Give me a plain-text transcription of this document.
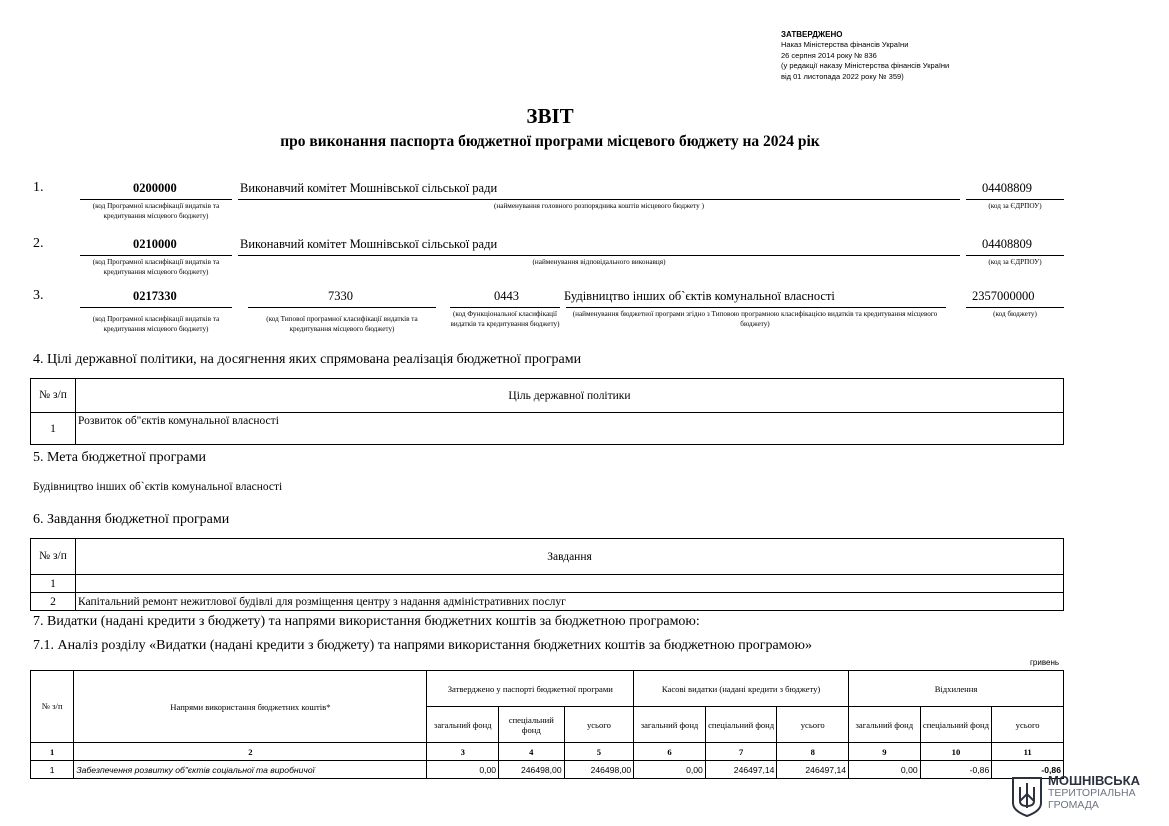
ЗАТВЕРДЖЕНО
Наказ Міністерства фінансів України
26 серпня 2014 року № 836
(у редакції наказу Міністерства фінансів України
від 01 листопада 2022 року № 359)
ЗВІТ
про виконання паспорта бюджетної програми місцевого бюджету на 2024 рік
1.	0200000	Виконавчий комітет Мошнівської сільської ради	04408809
(код Програмної класифікації видатків та кредитування місцевого бюджету)
(найменування головного розпорядника коштів місцевого бюджету )	(код за ЄДРПОУ)
2.	0210000	Виконавчий комітет Мошнівської сільської ради	04408809
(код Програмної класифікації видатків та кредитування місцевого бюджету)
(найменування відповідального виконавця)	(код за ЄДРПОУ)
3.	0217330	7330	0443	Будівництво інших об`єктів комунальної власності	2357000000
(код Програмної класифікації видатків та кредитування місцевого бюджету)
(код Типової програмної класифікації видатків та кредитування місцевого бюджету)
(код Функціональної класифікації видатків та кредитування бюджету)
(найменування бюджетної програми згідно з Типовою програмною класифікацією видатків та кредитування місцевого бюджету)
(код бюджету)
4. Цілі державної політики, на досягнення яких спрямована реалізація бюджетної програми
№ з/п	Ціль державної політики
1	Розвиток об"єктів комунальної власності
5. Мета бюджетної програми
Будівництво інших об`єктів комунальної власності
6. Завдання бюджетної програми
№ з/п	Завдання
1	
2	Капітальний ремонт нежитлової будівлі для розміщення центру з надання адміністративних послуг
7. Видатки (надані кредити з бюджету) та напрями використання бюджетних коштів за бюджетною програмою:
7.1. Аналіз розділу «Видатки (надані кредити з бюджету) та напрями використання бюджетних коштів за бюджетною програмою»
гривень
№ з/п	Напрями використання бюджетних коштів*	Затверджено у паспорті бюджетної програми			Касові видатки (надані кредити з бюджету)			Відхилення		
		загальний фонд	спеціальний фонд	усього	загальний фонд	спеціальний фонд	усього	загальний фонд	спеціальний фонд	усього
1	2	3	4	5	6	7	8	9	10	11
1	Забезпечення розвитку об"єктів соціальної та виробничої	0,00	246498,00	246498,00	0,00	246497,14	246497,14	0,00	-0,86	-0,86
МОШНІВСЬКА
ТЕРИТОРІАЛЬНА
ГРОМАДА
